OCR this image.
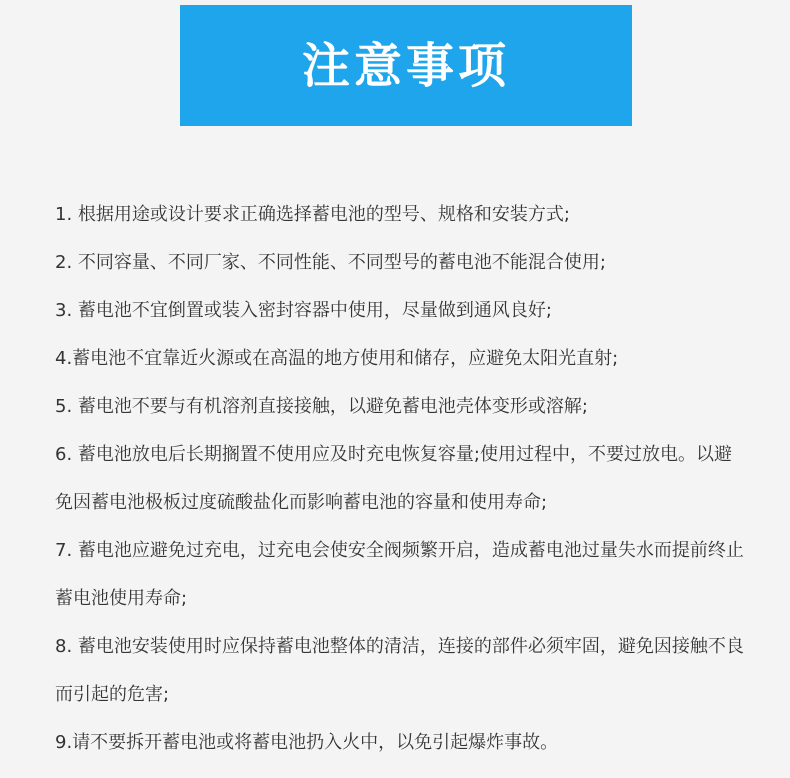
注意事项
1. 根据用途或设计要求正确选择蓄电池的型号、规格和安装方式;
2. 不同容量、不同厂家、不同性能、不同型号的蓄电池不能混合使用;
3. 蓄电池不宜倒置或装入密封容器中使用，尽量做到通风良好;
4.蓄电池不宜靠近火源或在高温的地方使用和储存，应避免太阳光直射;
5. 蓄电池不要与有机溶剂直接接触，以避免蓄电池壳体变形或溶解;
6. 蓄电池放电后长期搁置不使用应及时充电恢复容量;使用过程中，不要过放电。以避免因蓄电池极板过度硫酸盐化而影响蓄电池的容量和使用寿命;
7. 蓄电池应避免过充电，过充电会使安全阀频繁开启，造成蓄电池过量失水而提前终止蓄电池使用寿命;
8. 蓄电池安装使用时应保持蓄电池整体的清洁，连接的部件必须牢固，避免因接触不良而引起的危害;
9.请不要拆开蓄电池或将蓄电池扔入火中，以免引起爆炸事故。
